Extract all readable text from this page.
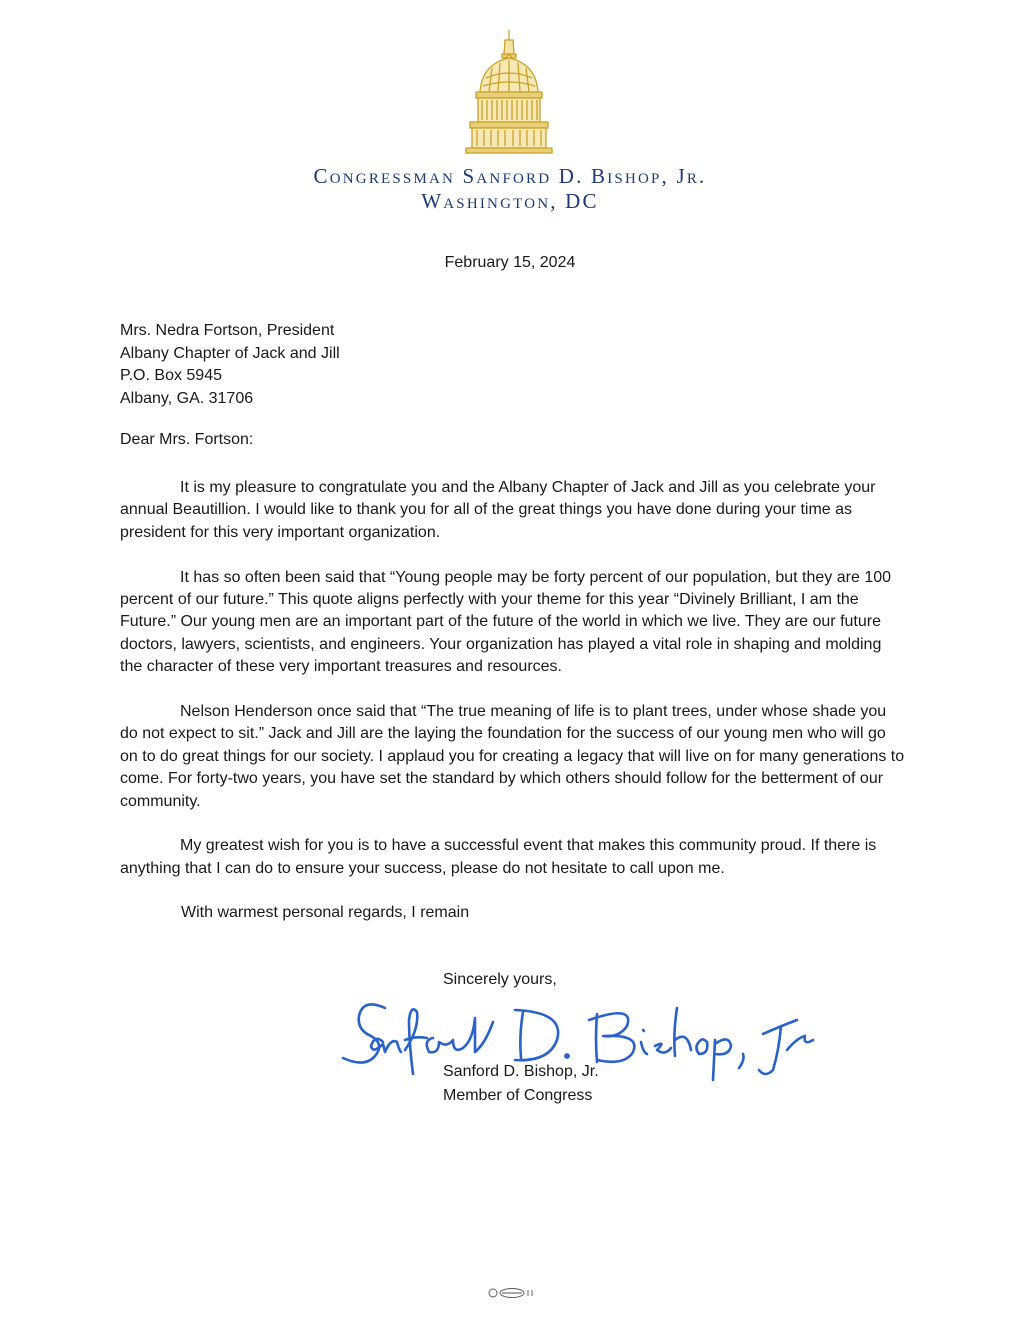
Congressman Sanford D. Bishop, Jr.
Washington, DC
February 15, 2024
Mrs. Nedra Fortson, President
Albany Chapter of Jack and Jill
P.O. Box 5945
Albany, GA. 31706
Dear Mrs. Fortson:

It is my pleasure to congratulate you and the Albany Chapter of Jack and Jill as you celebrate your annual Beautillion. I would like to thank you for all of the great things you have done during your time as president for this very important organization.

It has so often been said that “Young people may be forty percent of our population, but they are 100 percent of our future.” This quote aligns perfectly with your theme for this year “Divinely Brilliant, I am the Future.” Our young men are an important part of the future of the world in which we live. They are our future doctors, lawyers, scientists, and engineers. Your organization has played a vital role in shaping and molding the character of these very important treasures and resources.

Nelson Henderson once said that “The true meaning of life is to plant trees, under whose shade you do not expect to sit.” Jack and Jill are the laying the foundation for the success of our young men who will go on to do great things for our society. I applaud you for creating a legacy that will live on for many generations to come. For forty-two years, you have set the standard by which others should follow for the betterment of our community.

My greatest wish for you is to have a successful event that makes this community proud. If there is anything that I can do to ensure your success, please do not hesitate to call upon me.

With warmest personal regards, I remain
Sincerely yours,
Sanford D. Bishop, Jr.
Member of Congress
